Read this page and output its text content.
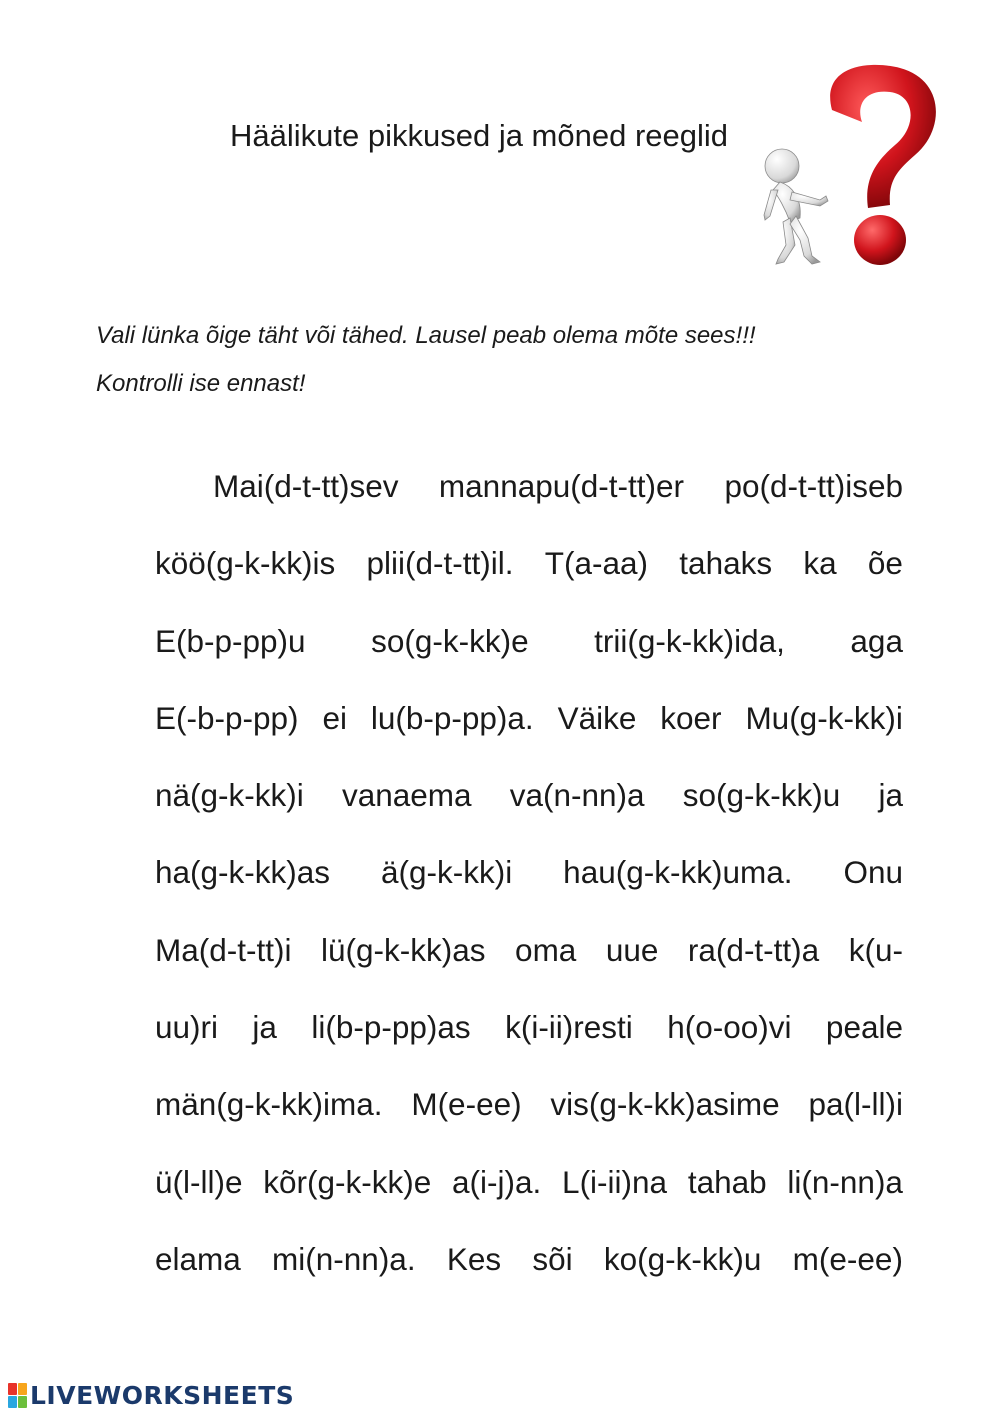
Häälikute pikkused ja mõned reeglid
Vali lünka õige täht või tähed. Lausel peab olema mõte sees!!!
Kontrolli ise ennast!
Mai(d-t-tt)sev mannapu(d-t-tt)er po(d-t-tt)iseb
köö(g-k-kk)is plii(d-t-tt)il. T(a-aa) tahaks ka õe
E(b-p-pp)u so(g-k-kk)e trii(g-k-kk)ida, aga
E(-b-p-pp) ei lu(b-p-pp)a. Väike koer Mu(g-k-kk)i
nä(g-k-kk)i vanaema va(n-nn)a so(g-k-kk)u ja
ha(g-k-kk)as ä(g-k-kk)i hau(g-k-kk)uma. Onu
Ma(d-t-tt)i lü(g-k-kk)as oma uue ra(d-t-tt)a k(u-
uu)ri ja li(b-p-pp)as k(i-ii)resti h(o-oo)vi peale
män(g-k-kk)ima. M(e-ee) vis(g-k-kk)asime pa(l-ll)i
ü(l-ll)e kõr(g-k-kk)e a(i-j)a. L(i-ii)na tahab li(n-nn)a
elama mi(n-nn)a. Kes sõi ko(g-k-kk)u m(e-ee)
LIVEWORKSHEETS
